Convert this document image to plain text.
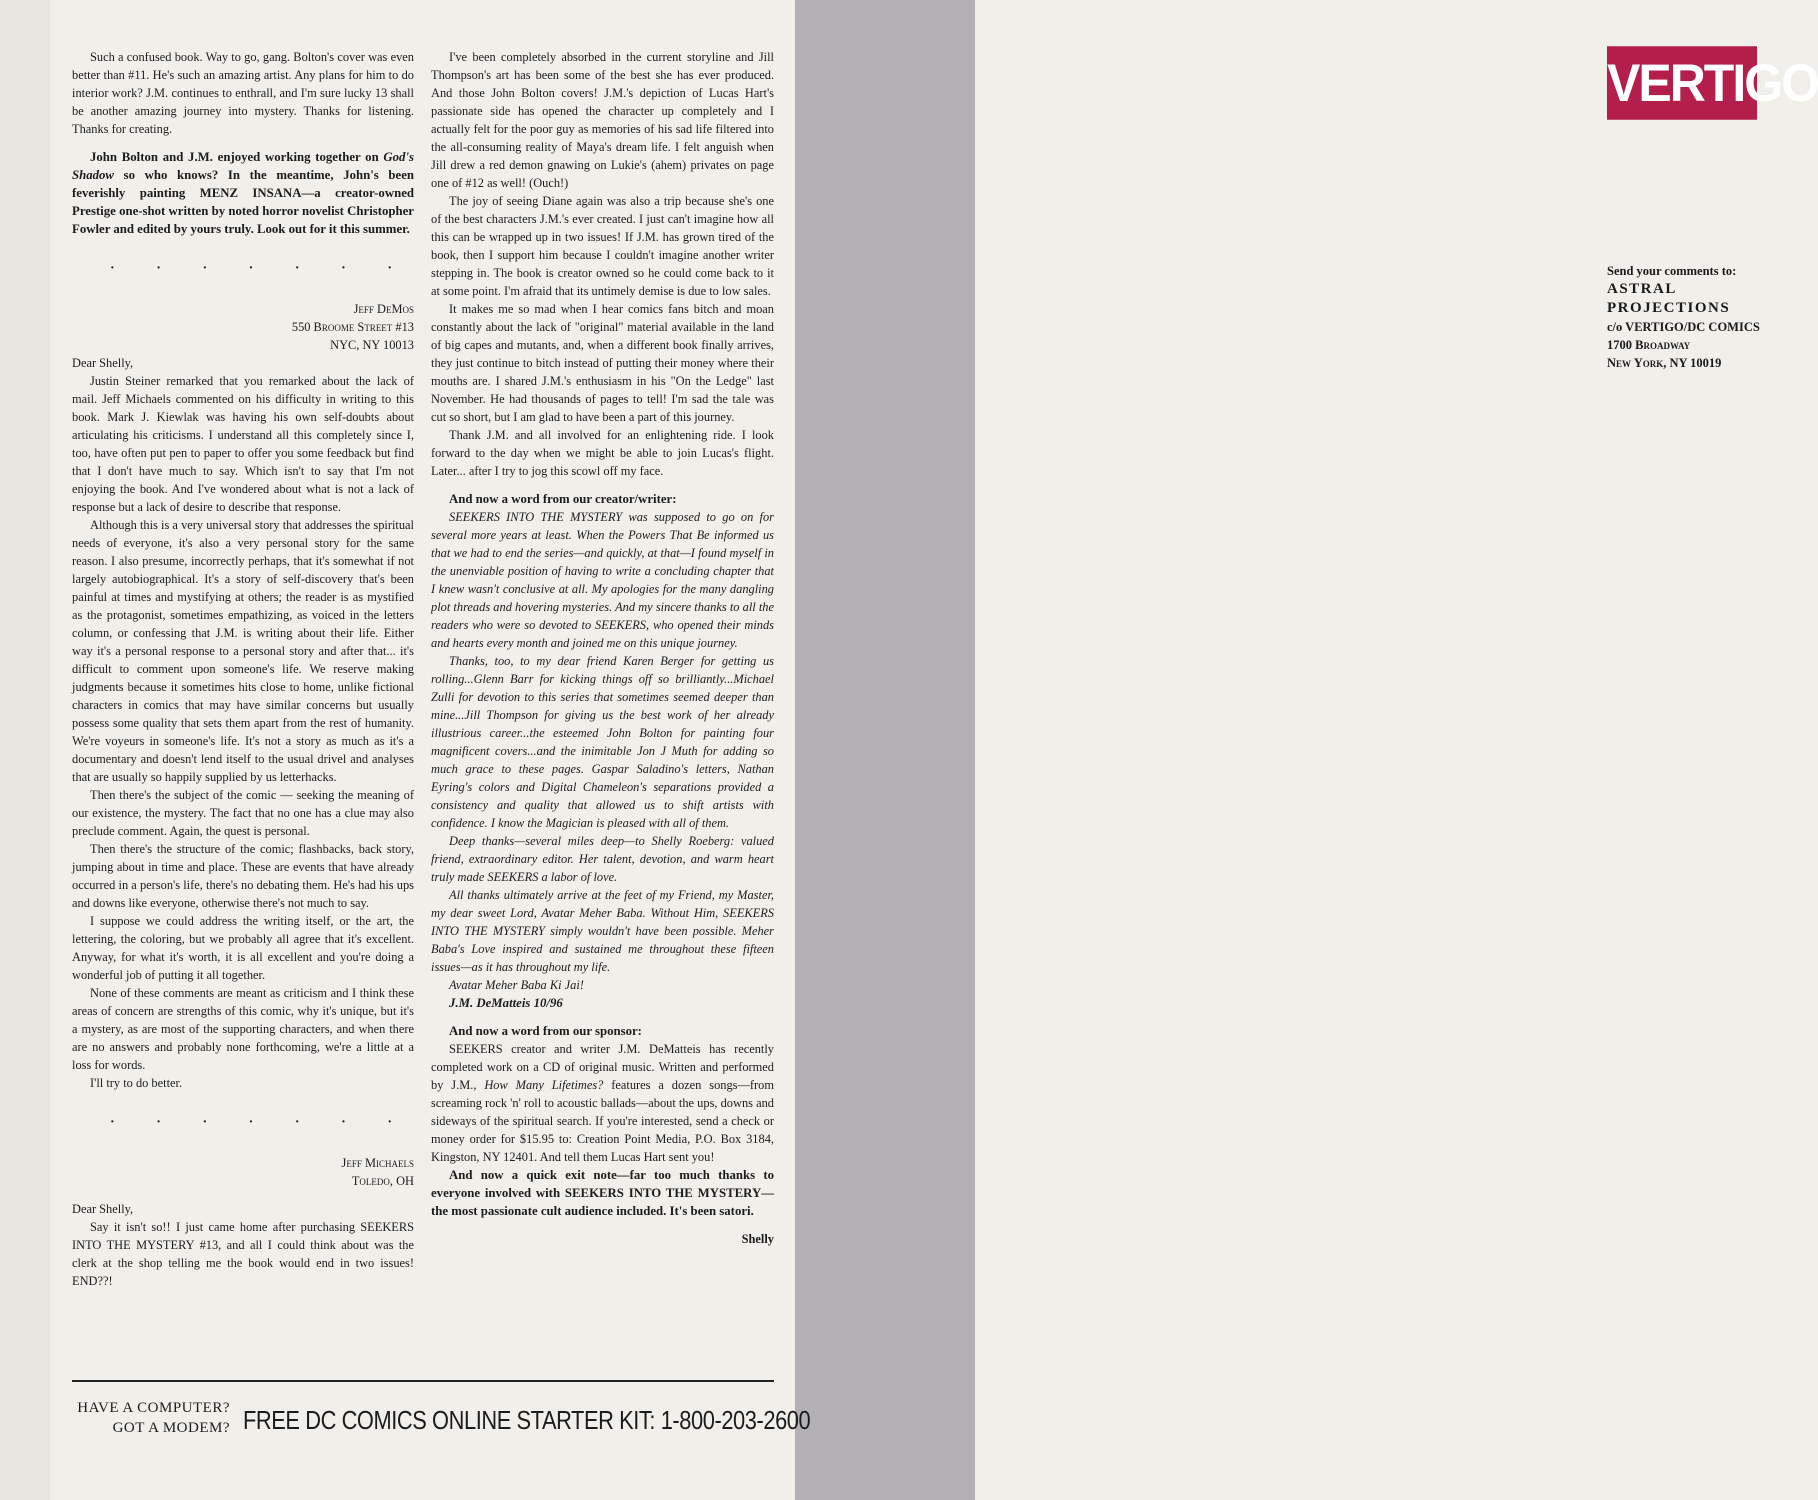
VERTIGO
Send your comments to:
ASTRAL
PROJECTIONS
c/o VERTIGO/DC COMICS
1700 Broadway
New York, NY 10019

Such a confused book. Way to go, gang. Bolton's cover was even better than #11. He's such an amazing artist. Any plans for him to do interior work? J.M. continues to enthrall, and I'm sure lucky 13 shall be another amazing journey into mystery. Thanks for listening. Thanks for creating.

John Bolton and J.M. enjoyed working together on God's Shadow so who knows? In the meantime, John's been feverishly painting MENZ INSANA—a creator-owned Prestige one-shot written by noted horror novelist Christopher Fowler and edited by yours truly. Look out for it this summer.

· · · · · · ·

Jeff DeMos

550 Broome Street #13

NYC, NY 10013

Dear Shelly,

Justin Steiner remarked that you remarked about the lack of mail. Jeff Michaels commented on his difficulty in writing to this book. Mark J. Kiewlak was having his own self-doubts about articulating his criticisms. I understand all this completely since I, too, have often put pen to paper to offer you some feedback but find that I don't have much to say. Which isn't to say that I'm not enjoying the book. And I've wondered about what is not a lack of response but a lack of desire to describe that response.

Although this is a very universal story that addresses the spiritual needs of everyone, it's also a very personal story for the same reason. I also presume, incorrectly perhaps, that it's somewhat if not largely autobiographical. It's a story of self-discovery that's been painful at times and mystifying at others; the reader is as mystified as the protagonist, sometimes empathizing, as voiced in the letters column, or confessing that J.M. is writing about their life. Either way it's a personal response to a personal story and after that... it's difficult to comment upon someone's life. We reserve making judgments because it sometimes hits close to home, unlike fictional characters in comics that may have similar concerns but usually possess some quality that sets them apart from the rest of humanity. We're voyeurs in someone's life. It's not a story as much as it's a documentary and doesn't lend itself to the usual drivel and analyses that are usually so happily supplied by us letterhacks.

Then there's the subject of the comic — seeking the meaning of our existence, the mystery. The fact that no one has a clue may also preclude comment. Again, the quest is personal.

Then there's the structure of the comic; flashbacks, back story, jumping about in time and place. These are events that have already occurred in a person's life, there's no debating them. He's had his ups and downs like everyone, otherwise there's not much to say.

I suppose we could address the writing itself, or the art, the lettering, the coloring, but we probably all agree that it's excellent. Anyway, for what it's worth, it is all excellent and you're doing a wonderful job of putting it all together.

None of these comments are meant as criticism and I think these areas of concern are strengths of this comic, why it's unique, but it's a mystery, as are most of the supporting characters, and when there are no answers and probably none forthcoming, we're a little at a loss for words.

I'll try to do better.

· · · · · · ·

Jeff Michaels

Toledo, OH

Dear Shelly,

Say it isn't so!! I just came home after purchasing SEEKERS INTO THE MYSTERY #13, and all I could think about was the clerk at the shop telling me the book would end in two issues! END??!

I've been completely absorbed in the current storyline and Jill Thompson's art has been some of the best she has ever produced. And those John Bolton covers! J.M.'s depiction of Lucas Hart's passionate side has opened the character up completely and I actually felt for the poor guy as memories of his sad life filtered into the all-consuming reality of Maya's dream life. I felt anguish when Jill drew a red demon gnawing on Lukie's (ahem) privates on page one of #12 as well! (Ouch!)

The joy of seeing Diane again was also a trip because she's one of the best characters J.M.'s ever created. I just can't imagine how all this can be wrapped up in two issues! If J.M. has grown tired of the book, then I support him because I couldn't imagine another writer stepping in. The book is creator owned so he could come back to it at some point. I'm afraid that its untimely demise is due to low sales.

It makes me so mad when I hear comics fans bitch and moan constantly about the lack of "original" material available in the land of big capes and mutants, and, when a different book finally arrives, they just continue to bitch instead of putting their money where their mouths are. I shared J.M.'s enthusiasm in his "On the Ledge" last November. He had thousands of pages to tell! I'm sad the tale was cut so short, but I am glad to have been a part of this journey.

Thank J.M. and all involved for an enlightening ride. I look forward to the day when we might be able to join Lucas's flight. Later... after I try to jog this scowl off my face.

And now a word from our creator/writer:

SEEKERS INTO THE MYSTERY was supposed to go on for several more years at least. When the Powers That Be informed us that we had to end the series—and quickly, at that—I found myself in the unenviable position of having to write a concluding chapter that I knew wasn't conclusive at all. My apologies for the many dangling plot threads and hovering mysteries. And my sincere thanks to all the readers who were so devoted to SEEKERS, who opened their minds and hearts every month and joined me on this unique journey.

Thanks, too, to my dear friend Karen Berger for getting us rolling...Glenn Barr for kicking things off so brilliantly...Michael Zulli for devotion to this series that sometimes seemed deeper than mine...Jill Thompson for giving us the best work of her already illustrious career...the esteemed John Bolton for painting four magnificent covers...and the inimitable Jon J Muth for adding so much grace to these pages. Gaspar Saladino's letters, Nathan Eyring's colors and Digital Chameleon's separations provided a consistency and quality that allowed us to shift artists with confidence. I know the Magician is pleased with all of them.

Deep thanks—several miles deep—to Shelly Roeberg: valued friend, extraordinary editor. Her talent, devotion, and warm heart truly made SEEKERS a labor of love.

All thanks ultimately arrive at the feet of my Friend, my Master, my dear sweet Lord, Avatar Meher Baba. Without Him, SEEKERS INTO THE MYSTERY simply wouldn't have been possible. Meher Baba's Love inspired and sustained me throughout these fifteen issues—as it has throughout my life.

Avatar Meher Baba Ki Jai!

J.M. DeMatteis 10/96

And now a word from our sponsor:

SEEKERS creator and writer J.M. DeMatteis has recently completed work on a CD of original music. Written and performed by J.M., How Many Lifetimes? features a dozen songs—from screaming rock 'n' roll to acoustic ballads—about the ups, downs and sideways of the spiritual search. If you're interested, send a check or money order for $15.95 to: Creation Point Media, P.O. Box 3184, Kingston, NY 12401. And tell them Lucas Hart sent you!

And now a quick exit note—far too much thanks to everyone involved with SEEKERS INTO THE MYSTERY—the most passionate cult audience included. It's been satori.

Shelly

HAVE A COMPUTER?
GOT A MODEM? FREE DC COMICS ONLINE STARTER KIT: 1-800-203-2600
